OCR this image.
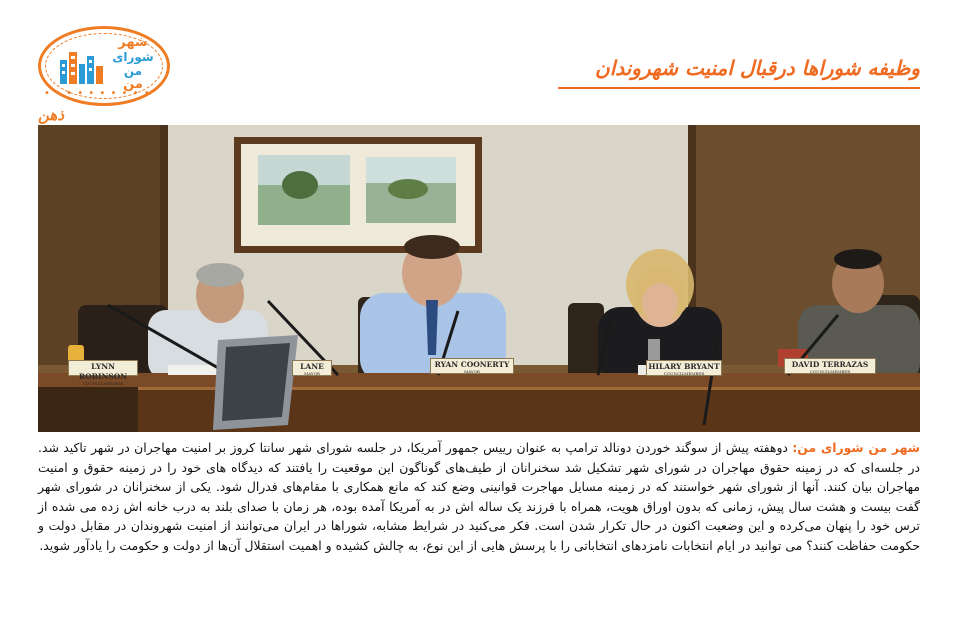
شهر
شورای من
من
• • • • • • • • • •
ذهن
وظیفه شوراها درقبال امنیت شهروندان
LYNN ROBINSON
COUNCILMEMBER
LANE
MAYOR
RYAN COONERTY
MAYOR
HILARY BRYANT
COUNCILMEMBER
DAVID TERRAZAS
COUNCILMEMBER
شهر من شورای من: دوهفته پیش از سوگند خوردن دونالد ترامپ به عنوان رییس جمهور آمریکا، در جلسه شورای شهر سانتا کروز بر امنیت مهاجران در شهر تاکید شد. در جلسه‌ای که در زمینه حقوق مهاجران در شورای شهر تشکیل شد سخنرانان از طیف‌های گوناگون این موقعیت را یافتند که دیدگاه های خود را در زمینه حقوق و امنیت مهاجران بیان کنند. آنها از شورای شهر خواستند که در زمینه مسایل مهاجرت قوانینی وضع کند که مانع همکاری با مقام‌های فدرال شود. یکی از سخنرانان در شورای شهر گفت بیست و هشت سال پیش، زمانی که بدون اوراق هویت، همراه با فرزند یک ساله اش در به آمریکا آمده بوده، هر زمان با صدای بلند به درب خانه اش زده می شده از ترس خود را پنهان می‌کرده و این وضعیت اکنون در حال تکرار شدن است. فکر می‌کنید در شرایط مشابه، شوراها در ایران می‌توانند از امنیت شهروندان در مقابل دولت و حکومت حفاظت کنند؟ می توانید در ایام انتخابات نامزدهای انتخاباتی را با پرسش هایی از این نوع، به چالش کشیده و اهمیت استقلال آن‌ها از دولت و حکومت را یادآور شوید.
